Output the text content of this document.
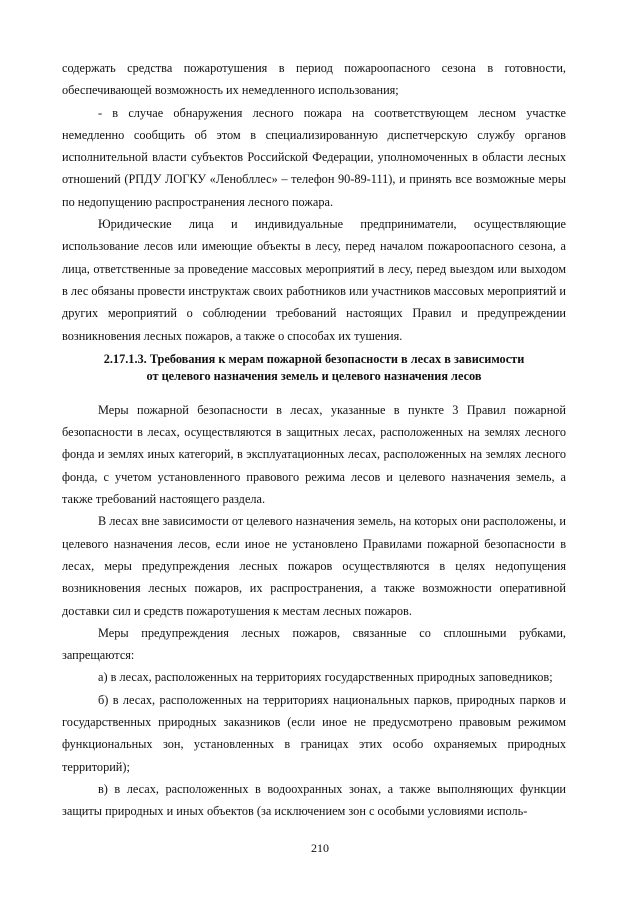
содержать средства пожаротушения в период пожароопасного сезона в готовности, обеспечивающей возможность их немедленного использования;

- в случае обнаружения лесного пожара на соответствующем лесном участке немедленно сообщить об этом в специализированную диспетчерскую службу органов исполнительной власти субъектов Российской Федерации, уполномоченных в области лесных отношений (РПДУ ЛОГКУ «Ленобллес» – телефон 90-89-111), и принять все возможные меры по недопущению распространения лесного пожара.

Юридические лица и индивидуальные предприниматели, осуществляющие использование лесов или имеющие объекты в лесу, перед началом пожароопасного сезона, а лица, ответственные за проведение массовых мероприятий в лесу, перед выездом или выходом в лес обязаны провести инструктаж своих работников или участников массовых мероприятий и других мероприятий о соблюдении требований настоящих Правил и предупреждении возникновения лесных пожаров, а также о способах их тушения.

2.17.1.3. Требования к мерам пожарной безопасности в лесах в зависимости
от целевого назначения земель и целевого назначения лесов

Меры пожарной безопасности в лесах, указанные в пункте 3 Правил пожарной безопасности в лесах, осуществляются в защитных лесах, расположенных на землях лесного фонда и землях иных категорий, в эксплуатационных лесах, расположенных на землях лесного фонда, с учетом установленного правового режима лесов и целевого назначения земель, а также требований настоящего раздела.

В лесах вне зависимости от целевого назначения земель, на которых они расположены, и целевого назначения лесов, если иное не установлено Правилами пожарной безопасности в лесах, меры предупреждения лесных пожаров осуществляются в целях недопущения возникновения лесных пожаров, их распространения, а также возможности оперативной доставки сил и средств пожаротушения к местам лесных пожаров.

Меры предупреждения лесных пожаров, связанные со сплошными рубками, запрещаются:

а) в лесах, расположенных на территориях государственных природных заповедников;

б) в лесах, расположенных на территориях национальных парков, природных парков и государственных природных заказников (если иное не предусмотрено правовым режимом функциональных зон, установленных в границах этих особо охраняемых природных территорий);

в) в лесах, расположенных в водоохранных зонах, а также выполняющих функции защиты природных и иных объектов (за исключением зон с особыми условиями исполь-

210
